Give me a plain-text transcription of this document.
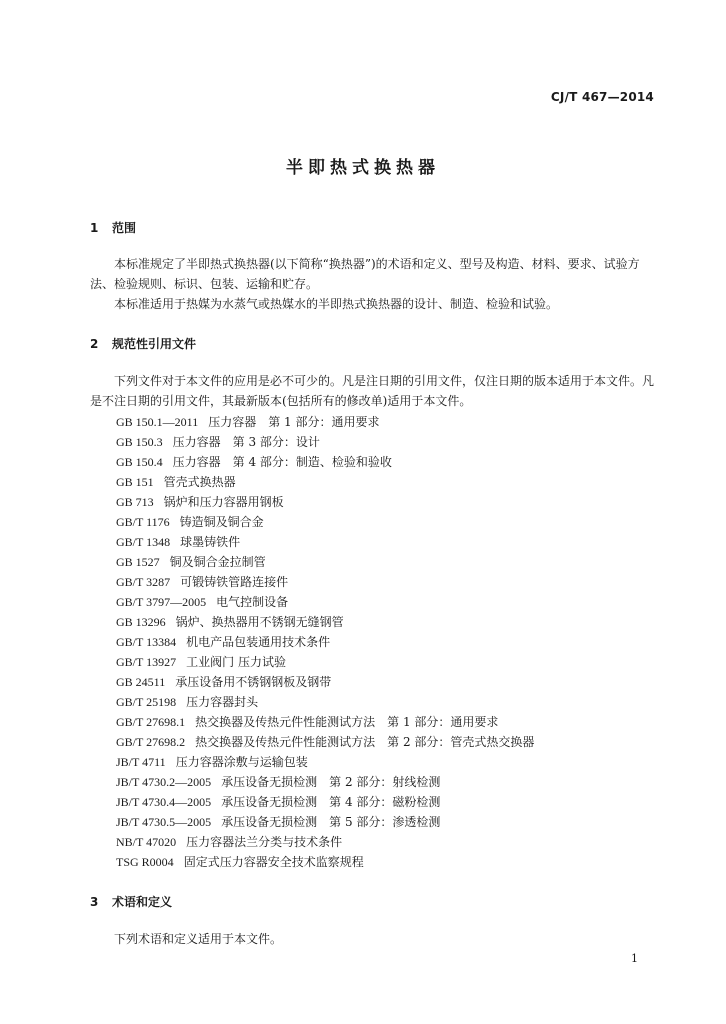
CJ/T 467—2014
半即热式换热器
1 范围
本标准规定了半即热式换热器(以下简称“换热器”)的术语和定义、型号及构造、材料、要求、试验方法、检验规则、标识、包装、运输和贮存。
本标准适用于热媒为水蒸气或热媒水的半即热式换热器的设计、制造、检验和试验。
2 规范性引用文件
下列文件对于本文件的应用是必不可少的。凡是注日期的引用文件，仅注日期的版本适用于本文件。凡是不注日期的引用文件，其最新版本(包括所有的修改单)适用于本文件。
GB 150.1—2011 压力容器　第 1 部分：通用要求
GB 150.3 压力容器　第 3 部分：设计
GB 150.4 压力容器　第 4 部分：制造、检验和验收
GB 151 管壳式换热器
GB 713 锅炉和压力容器用钢板
GB/T 1176 铸造铜及铜合金
GB/T 1348 球墨铸铁件
GB 1527 铜及铜合金拉制管
GB/T 3287 可锻铸铁管路连接件
GB/T 3797—2005 电气控制设备
GB 13296 锅炉、换热器用不锈钢无缝钢管
GB/T 13384 机电产品包装通用技术条件
GB/T 13927 工业阀门 压力试验
GB 24511 承压设备用不锈钢钢板及钢带
GB/T 25198 压力容器封头
GB/T 27698.1 热交换器及传热元件性能测试方法　第 1 部分：通用要求
GB/T 27698.2 热交换器及传热元件性能测试方法　第 2 部分：管壳式热交换器
JB/T 4711 压力容器涂敷与运输包装
JB/T 4730.2—2005 承压设备无损检测　第 2 部分：射线检测
JB/T 4730.4—2005 承压设备无损检测　第 4 部分：磁粉检测
JB/T 4730.5—2005 承压设备无损检测　第 5 部分：渗透检测
NB/T 47020 压力容器法兰分类与技术条件
TSG R0004 固定式压力容器安全技术监察规程
3 术语和定义
下列术语和定义适用于本文件。
1
